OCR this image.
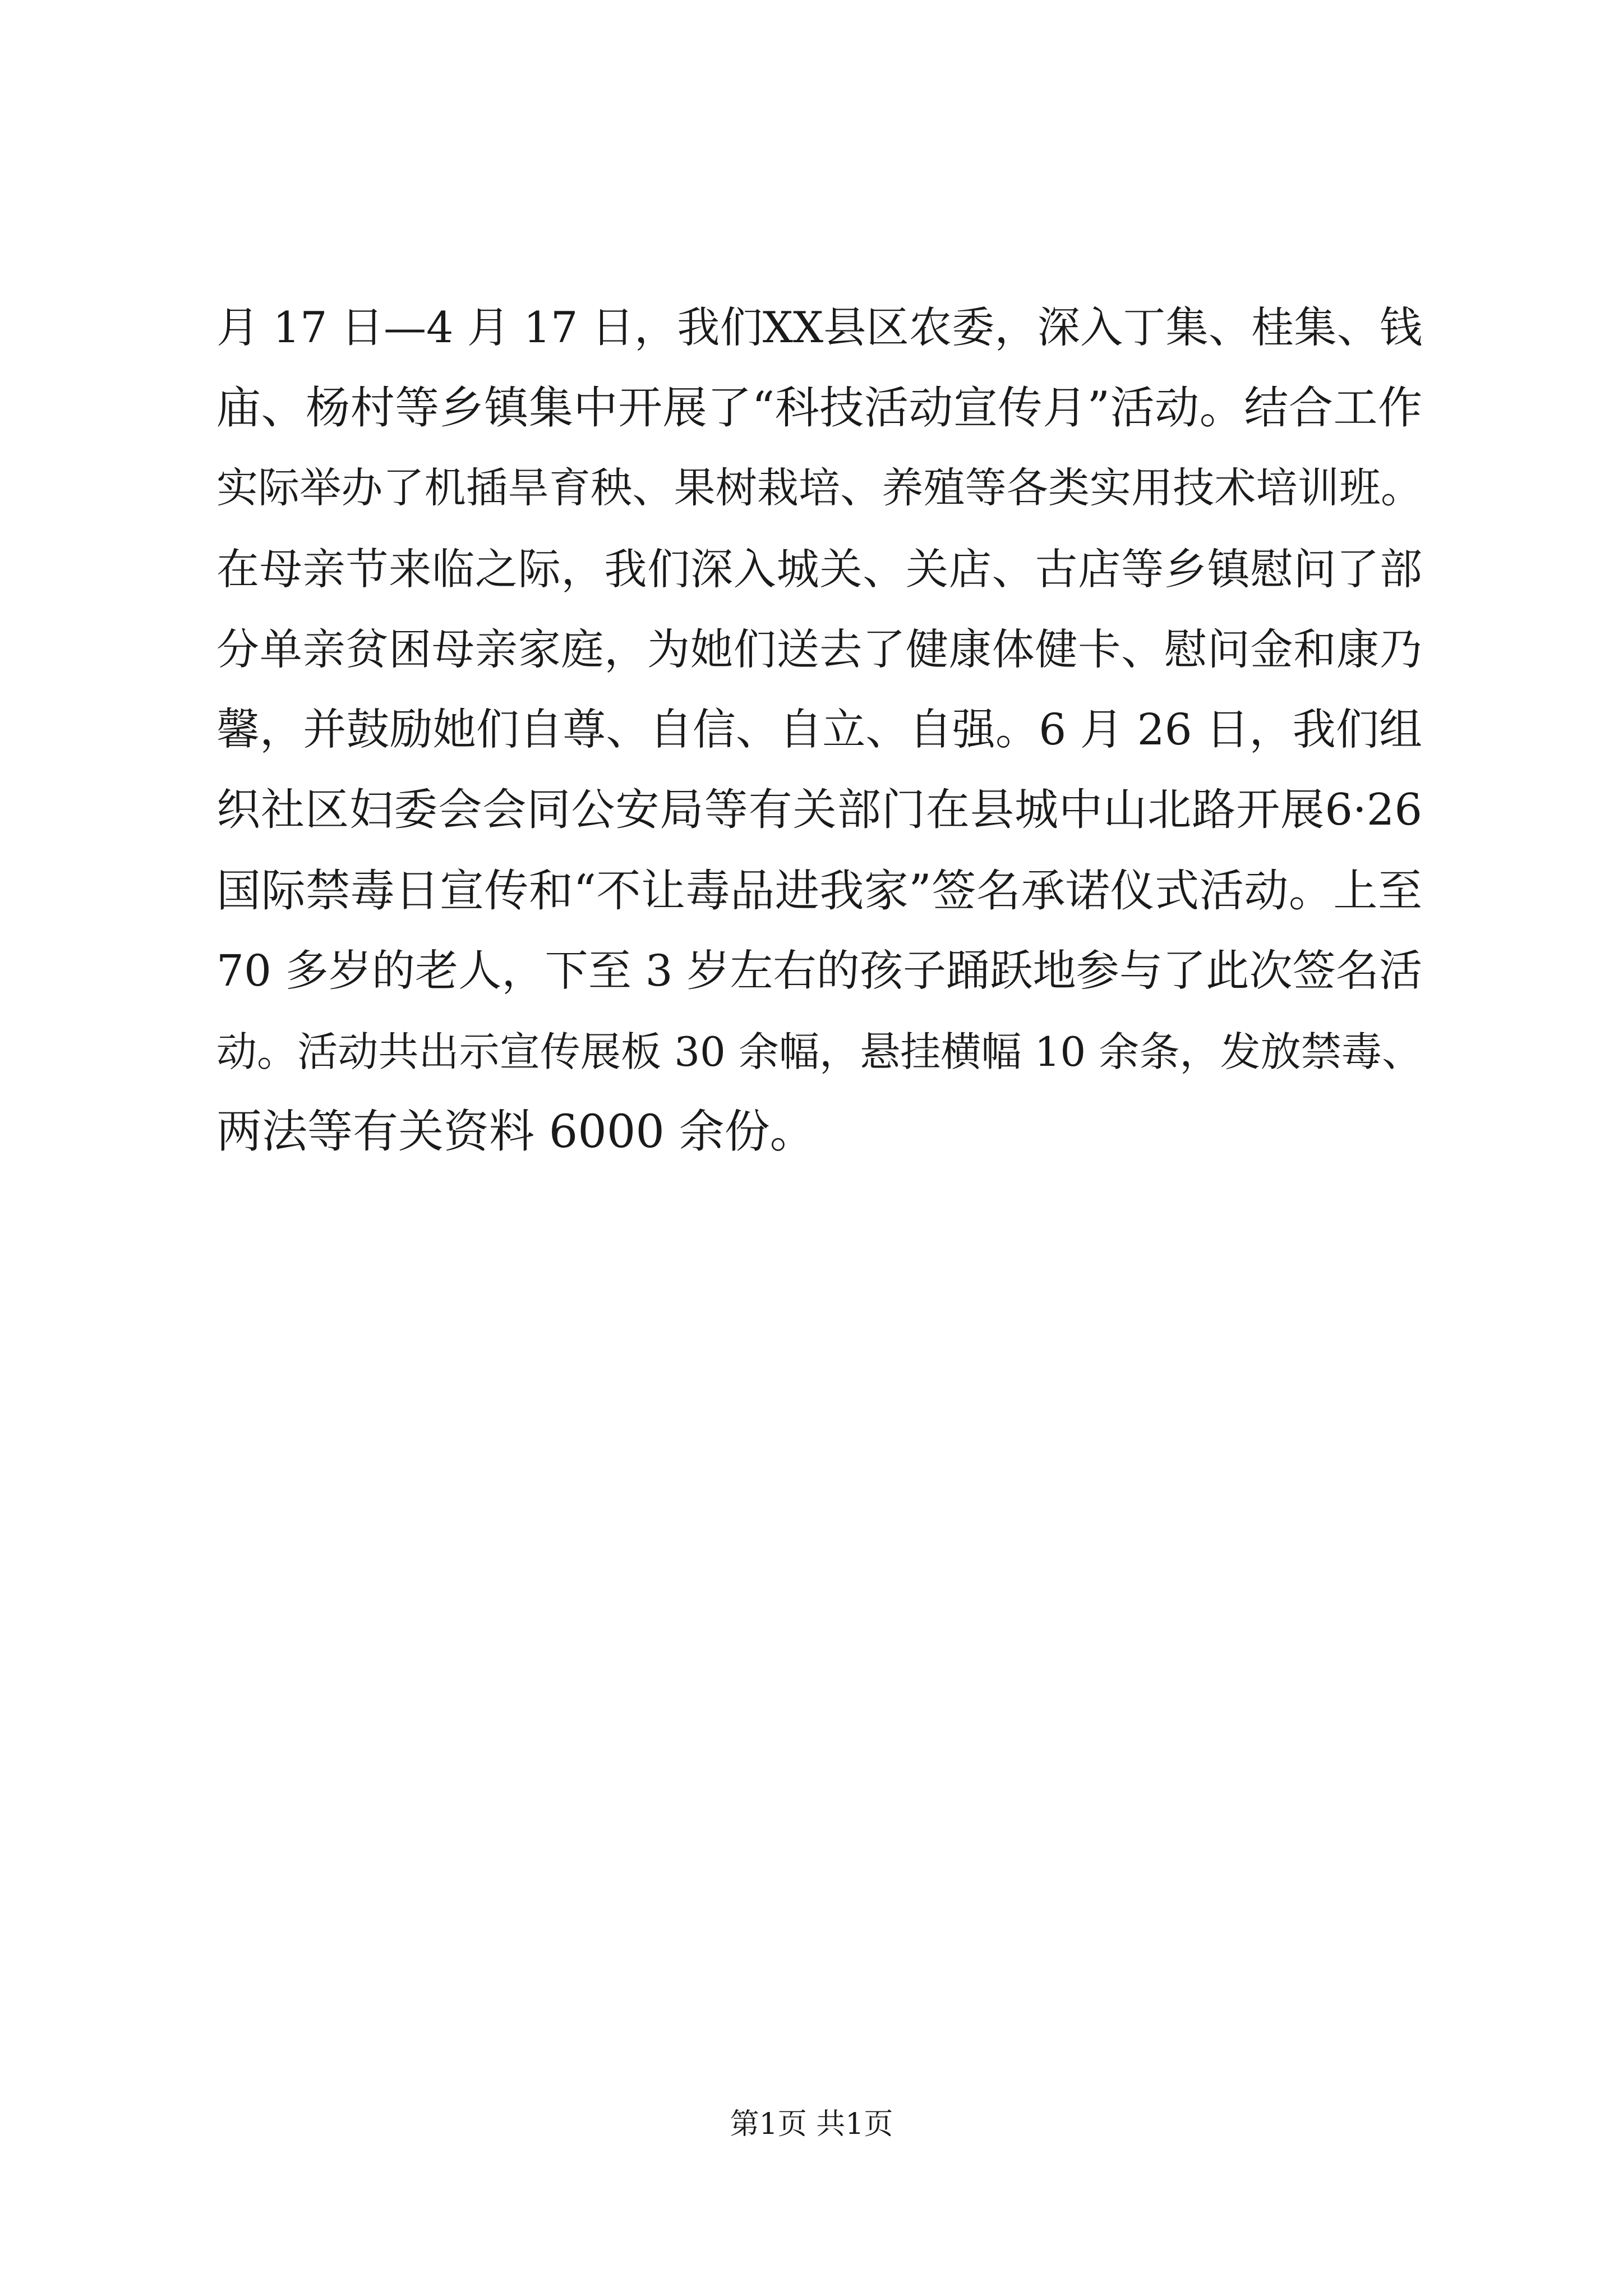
月 17 日—4 月 17 日，我们XX县区农委，深入丁集、桂集、钱
庙、杨村等乡镇集中开展了“科技活动宣传月”活动。结合工作
实际举办了机插旱育秧、果树栽培、养殖等各类实用技术培训班。
在母亲节来临之际，我们深入城关、关店、古店等乡镇慰问了部
分单亲贫困母亲家庭，为她们送去了健康体健卡、慰问金和康乃
馨，并鼓励她们自尊、自信、自立、自强。6 月 26 日，我们组
织社区妇委会会同公安局等有关部门在县城中山北路开展6·26
国际禁毒日宣传和“不让毒品进我家”签名承诺仪式活动。上至
70 多岁的老人，下至 3 岁左右的孩子踊跃地参与了此次签名活
动。活动共出示宣传展板 30 余幅，悬挂横幅 10 余条，发放禁毒、
两法等有关资料 6000 余份。
第1页 共1页
